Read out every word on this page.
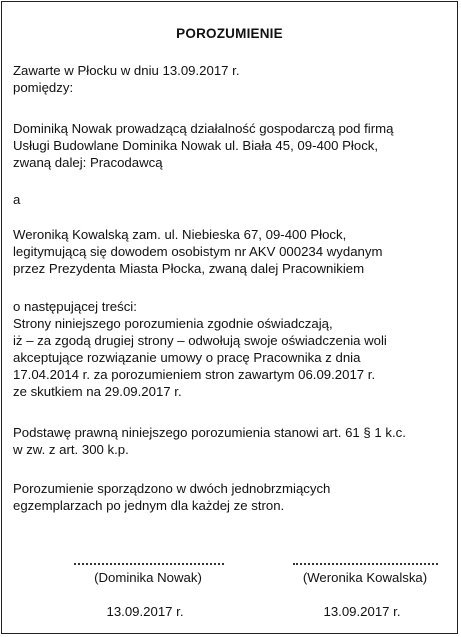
POROZUMIENIE
Zawarte w Płocku w dniu 13.09.2017 r.
pomiędzy:
Dominiką Nowak prowadzącą działalność gospodarczą pod firmą
Usługi Budowlane Dominika Nowak ul. Biała 45, 09-400 Płock,
zwaną dalej: Pracodawcą
a
Weroniką Kowalską zam. ul. Niebieska 67, 09-400 Płock,
legitymującą się dowodem osobistym nr AKV 000234 wydanym
przez Prezydenta Miasta Płocka, zwaną dalej Pracownikiem
o następującej treści:
Strony niniejszego porozumienia zgodnie oświadczają,
iż – za zgodą drugiej strony – odwołują swoje oświadczenia woli
akceptujące rozwiązanie umowy o pracę Pracownika z dnia
17.04.2014 r. za porozumieniem stron zawartym 06.09.2017 r.
ze skutkiem na 29.09.2017 r.
Podstawę prawną niniejszego porozumienia stanowi art. 61 § 1 k.c.
w zw. z art. 300 k.p.
Porozumienie sporządzono w dwóch jednobrzmiących
egzemplarzach po jednym dla każdej ze stron.
(Dominika Nowak)	(Weronika Kowalska)
13.09.2017 r.	13.09.2017 r.
